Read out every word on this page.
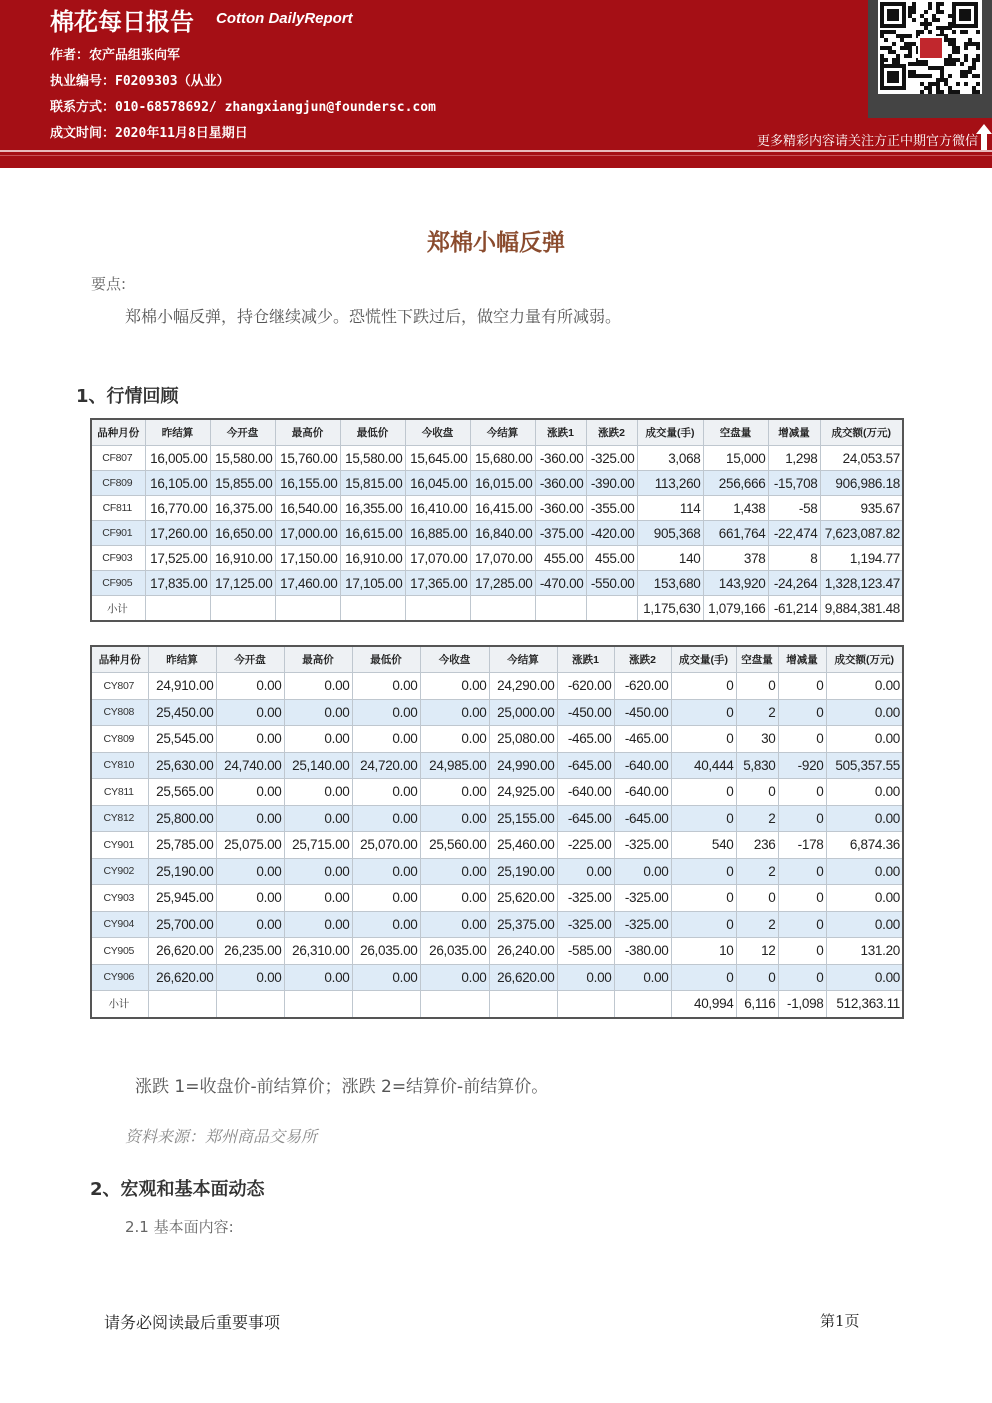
棉花每日报告 Cotton DailyReport
作者：农产品组张向军
执业编号：F0209303（从业）
联系方式：010-68578692/ zhangxiangjun@foundersc.com
成文时间：2020年11月8日星期日
更多精彩内容请关注方正中期官方微信
郑棉小幅反弹
要点:
郑棉小幅反弹，持仓继续减少。恐慌性下跌过后，做空力量有所减弱。
1、行情回顾
品种月份	昨结算	今开盘	最高价	最低价	今收盘	今结算	涨跌1	涨跌2	成交量(手)	空盘量	增减量	成交额(万元)
CF807	16,005.00	15,580.00	15,760.00	15,580.00	15,645.00	15,680.00	-360.00	-325.00	3,068	15,000	1,298	24,053.57
CF809	16,105.00	15,855.00	16,155.00	15,815.00	16,045.00	16,015.00	-360.00	-390.00	113,260	256,666	-15,708	906,986.18
CF811	16,770.00	16,375.00	16,540.00	16,355.00	16,410.00	16,415.00	-360.00	-355.00	114	1,438	-58	935.67
CF901	17,260.00	16,650.00	17,000.00	16,615.00	16,885.00	16,840.00	-375.00	-420.00	905,368	661,764	-22,474	7,623,087.82
CF903	17,525.00	16,910.00	17,150.00	16,910.00	17,070.00	17,070.00	455.00	455.00	140	378	8	1,194.77
CF905	17,835.00	17,125.00	17,460.00	17,105.00	17,365.00	17,285.00	-470.00	-550.00	153,680	143,920	-24,264	1,328,123.47
小计									1,175,630	1,079,166	-61,214	9,884,381.48
品种月份	昨结算	今开盘	最高价	最低价	今收盘	今结算	涨跌1	涨跌2	成交量(手)	空盘量	增减量	成交额(万元)
CY807	24,910.00	0.00	0.00	0.00	0.00	24,290.00	-620.00	-620.00	0	0	0	0.00
CY808	25,450.00	0.00	0.00	0.00	0.00	25,000.00	-450.00	-450.00	0	2	0	0.00
CY809	25,545.00	0.00	0.00	0.00	0.00	25,080.00	-465.00	-465.00	0	30	0	0.00
CY810	25,630.00	24,740.00	25,140.00	24,720.00	24,985.00	24,990.00	-645.00	-640.00	40,444	5,830	-920	505,357.55
CY811	25,565.00	0.00	0.00	0.00	0.00	24,925.00	-640.00	-640.00	0	0	0	0.00
CY812	25,800.00	0.00	0.00	0.00	0.00	25,155.00	-645.00	-645.00	0	2	0	0.00
CY901	25,785.00	25,075.00	25,715.00	25,070.00	25,560.00	25,460.00	-225.00	-325.00	540	236	-178	6,874.36
CY902	25,190.00	0.00	0.00	0.00	0.00	25,190.00	0.00	0.00	0	2	0	0.00
CY903	25,945.00	0.00	0.00	0.00	0.00	25,620.00	-325.00	-325.00	0	0	0	0.00
CY904	25,700.00	0.00	0.00	0.00	0.00	25,375.00	-325.00	-325.00	0	2	0	0.00
CY905	26,620.00	26,235.00	26,310.00	26,035.00	26,035.00	26,240.00	-585.00	-380.00	10	12	0	131.20
CY906	26,620.00	0.00	0.00	0.00	0.00	26,620.00	0.00	0.00	0	0	0	0.00
小计									40,994	6,116	-1,098	512,363.11
涨跌 1=收盘价-前结算价；涨跌 2=结算价-前结算价。
资料来源：郑州商品交易所
2、宏观和基本面动态
2.1 基本面内容:
请务必阅读最后重要事项	第1页
